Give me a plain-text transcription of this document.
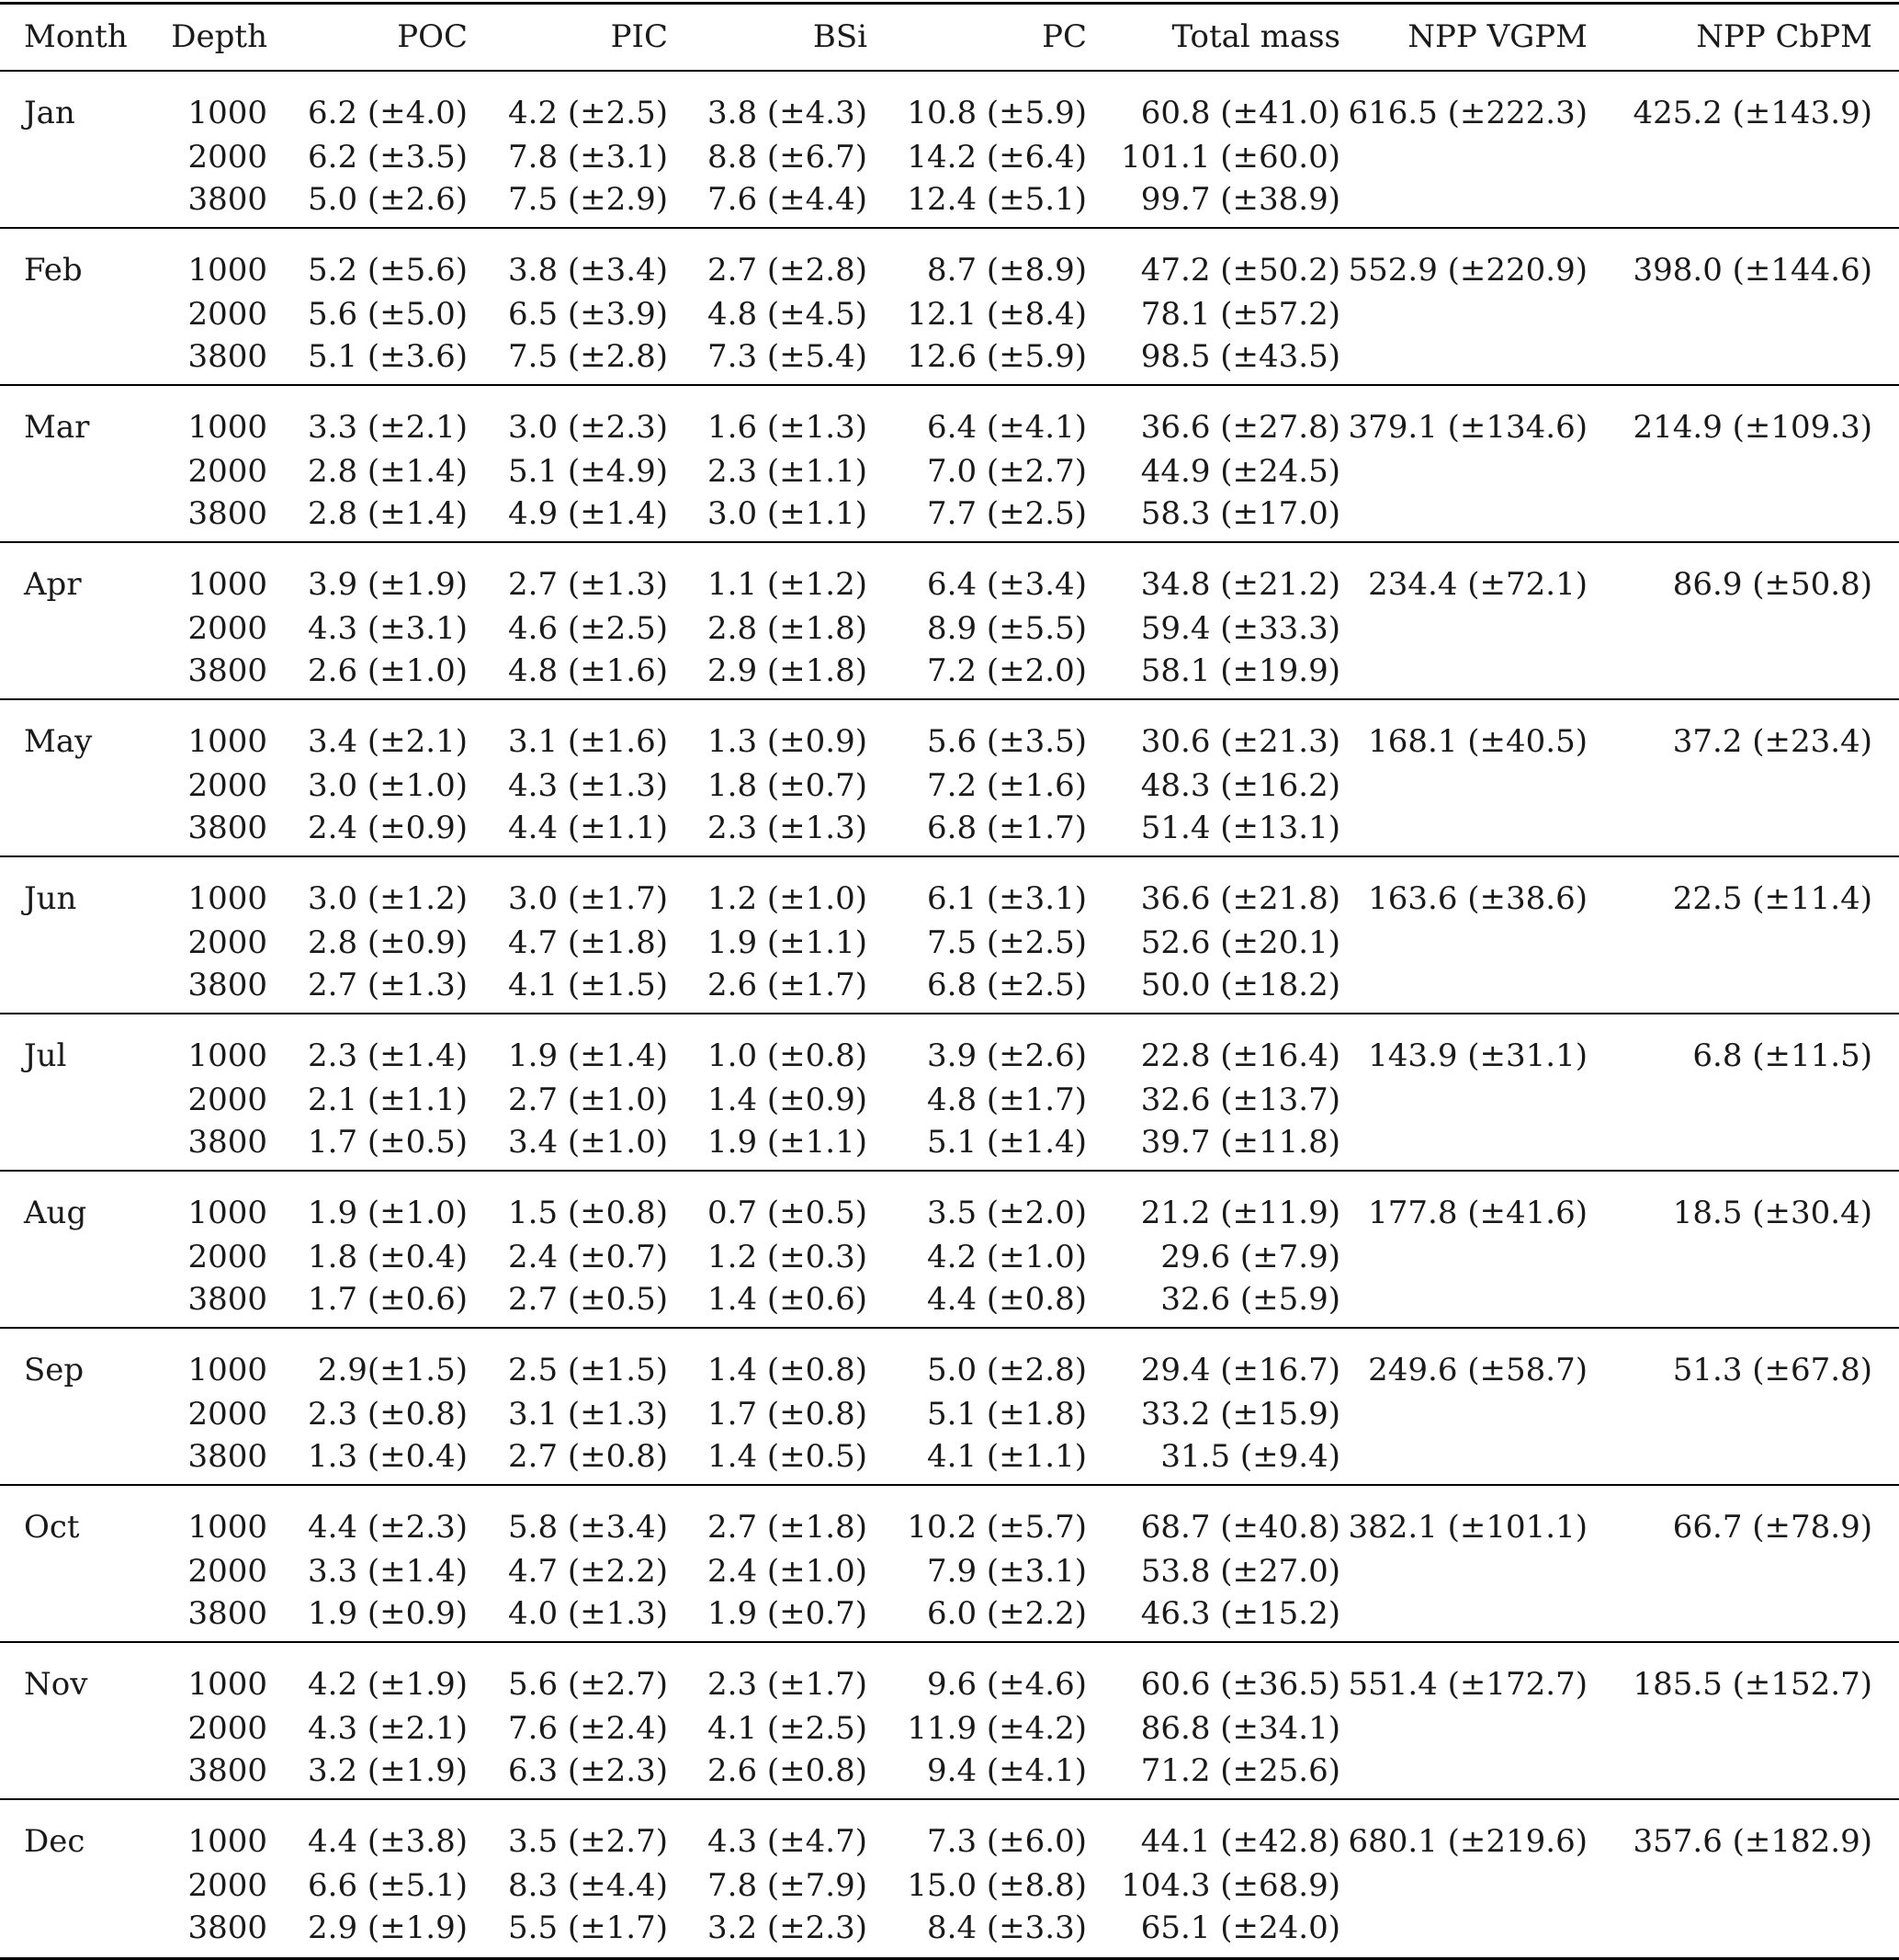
Month	Depth	POC	PIC	BSi	PC	Total mass	NPP VGPM	NPP CbPM
Jan	1000	6.2 (±4.0)	4.2 (±2.5)	3.8 (±4.3)	10.8 (±5.9)	60.8 (±41.0)	616.5 (±222.3)	425.2 (±143.9)
	2000	6.2 (±3.5)	7.8 (±3.1)	8.8 (±6.7)	14.2 (±6.4)	101.1 (±60.0)		
	3800	5.0 (±2.6)	7.5 (±2.9)	7.6 (±4.4)	12.4 (±5.1)	99.7 (±38.9)		
Feb	1000	5.2 (±5.6)	3.8 (±3.4)	2.7 (±2.8)	8.7 (±8.9)	47.2 (±50.2)	552.9 (±220.9)	398.0 (±144.6)
	2000	5.6 (±5.0)	6.5 (±3.9)	4.8 (±4.5)	12.1 (±8.4)	78.1 (±57.2)		
	3800	5.1 (±3.6)	7.5 (±2.8)	7.3 (±5.4)	12.6 (±5.9)	98.5 (±43.5)		
Mar	1000	3.3 (±2.1)	3.0 (±2.3)	1.6 (±1.3)	6.4 (±4.1)	36.6 (±27.8)	379.1 (±134.6)	214.9 (±109.3)
	2000	2.8 (±1.4)	5.1 (±4.9)	2.3 (±1.1)	7.0 (±2.7)	44.9 (±24.5)		
	3800	2.8 (±1.4)	4.9 (±1.4)	3.0 (±1.1)	7.7 (±2.5)	58.3 (±17.0)		
Apr	1000	3.9 (±1.9)	2.7 (±1.3)	1.1 (±1.2)	6.4 (±3.4)	34.8 (±21.2)	234.4 (±72.1)	86.9 (±50.8)
	2000	4.3 (±3.1)	4.6 (±2.5)	2.8 (±1.8)	8.9 (±5.5)	59.4 (±33.3)		
	3800	2.6 (±1.0)	4.8 (±1.6)	2.9 (±1.8)	7.2 (±2.0)	58.1 (±19.9)		
May	1000	3.4 (±2.1)	3.1 (±1.6)	1.3 (±0.9)	5.6 (±3.5)	30.6 (±21.3)	168.1 (±40.5)	37.2 (±23.4)
	2000	3.0 (±1.0)	4.3 (±1.3)	1.8 (±0.7)	7.2 (±1.6)	48.3 (±16.2)		
	3800	2.4 (±0.9)	4.4 (±1.1)	2.3 (±1.3)	6.8 (±1.7)	51.4 (±13.1)		
Jun	1000	3.0 (±1.2)	3.0 (±1.7)	1.2 (±1.0)	6.1 (±3.1)	36.6 (±21.8)	163.6 (±38.6)	22.5 (±11.4)
	2000	2.8 (±0.9)	4.7 (±1.8)	1.9 (±1.1)	7.5 (±2.5)	52.6 (±20.1)		
	3800	2.7 (±1.3)	4.1 (±1.5)	2.6 (±1.7)	6.8 (±2.5)	50.0 (±18.2)		
Jul	1000	2.3 (±1.4)	1.9 (±1.4)	1.0 (±0.8)	3.9 (±2.6)	22.8 (±16.4)	143.9 (±31.1)	6.8 (±11.5)
	2000	2.1 (±1.1)	2.7 (±1.0)	1.4 (±0.9)	4.8 (±1.7)	32.6 (±13.7)		
	3800	1.7 (±0.5)	3.4 (±1.0)	1.9 (±1.1)	5.1 (±1.4)	39.7 (±11.8)		
Aug	1000	1.9 (±1.0)	1.5 (±0.8)	0.7 (±0.5)	3.5 (±2.0)	21.2 (±11.9)	177.8 (±41.6)	18.5 (±30.4)
	2000	1.8 (±0.4)	2.4 (±0.7)	1.2 (±0.3)	4.2 (±1.0)	29.6 (±7.9)		
	3800	1.7 (±0.6)	2.7 (±0.5)	1.4 (±0.6)	4.4 (±0.8)	32.6 (±5.9)		
Sep	1000	2.9(±1.5)	2.5 (±1.5)	1.4 (±0.8)	5.0 (±2.8)	29.4 (±16.7)	249.6 (±58.7)	51.3 (±67.8)
	2000	2.3 (±0.8)	3.1 (±1.3)	1.7 (±0.8)	5.1 (±1.8)	33.2 (±15.9)		
	3800	1.3 (±0.4)	2.7 (±0.8)	1.4 (±0.5)	4.1 (±1.1)	31.5 (±9.4)		
Oct	1000	4.4 (±2.3)	5.8 (±3.4)	2.7 (±1.8)	10.2 (±5.7)	68.7 (±40.8)	382.1 (±101.1)	66.7 (±78.9)
	2000	3.3 (±1.4)	4.7 (±2.2)	2.4 (±1.0)	7.9 (±3.1)	53.8 (±27.0)		
	3800	1.9 (±0.9)	4.0 (±1.3)	1.9 (±0.7)	6.0 (±2.2)	46.3 (±15.2)		
Nov	1000	4.2 (±1.9)	5.6 (±2.7)	2.3 (±1.7)	9.6 (±4.6)	60.6 (±36.5)	551.4 (±172.7)	185.5 (±152.7)
	2000	4.3 (±2.1)	7.6 (±2.4)	4.1 (±2.5)	11.9 (±4.2)	86.8 (±34.1)		
	3800	3.2 (±1.9)	6.3 (±2.3)	2.6 (±0.8)	9.4 (±4.1)	71.2 (±25.6)		
Dec	1000	4.4 (±3.8)	3.5 (±2.7)	4.3 (±4.7)	7.3 (±6.0)	44.1 (±42.8)	680.1 (±219.6)	357.6 (±182.9)
	2000	6.6 (±5.1)	8.3 (±4.4)	7.8 (±7.9)	15.0 (±8.8)	104.3 (±68.9)		
	3800	2.9 (±1.9)	5.5 (±1.7)	3.2 (±2.3)	8.4 (±3.3)	65.1 (±24.0)		
